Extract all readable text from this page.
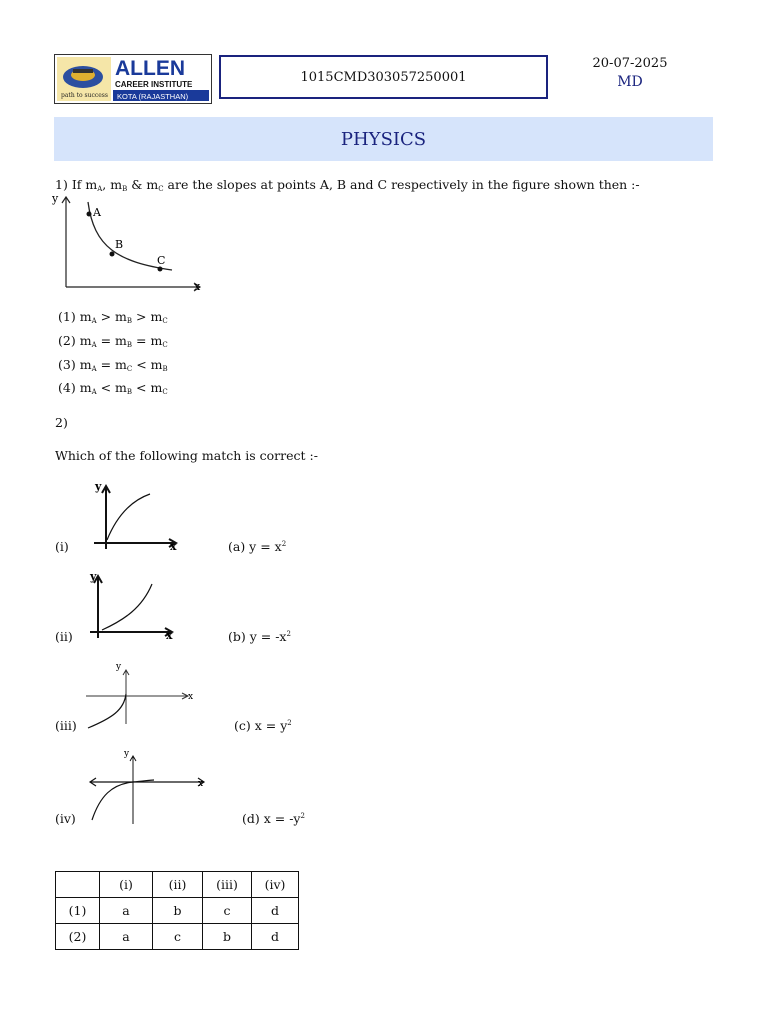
path to success
ALLEN
CAREER INSTITUTE
KOTA (RAJASTHAN)
1015CMD303057250001
20-07-2025
MD
PHYSICS
1) If $m_A$, $m_B$ & $m_C$ are the slopes at points A, B and C respectively in the figure shown then :-
y
x
A
B
C
(1) $m_A > m_B > m_C$
(2) $m_A = m_B = m_C$
(3) $m_A = m_C < m_B$
(4) $m_A < m_B < m_C$
2)
Which of the following match is correct :-
y
x
(i)	(a) $y = x^2$
y
x
(ii)	(b) $y = -x^2$
y
x
(iii)	(c) $x = y^2$
y
x
(iv)	(d) $x = -y^2$
	(i)	(ii)	(iii)	(iv)
(1)	a	b	c	d
(2)	a	c	b	d
